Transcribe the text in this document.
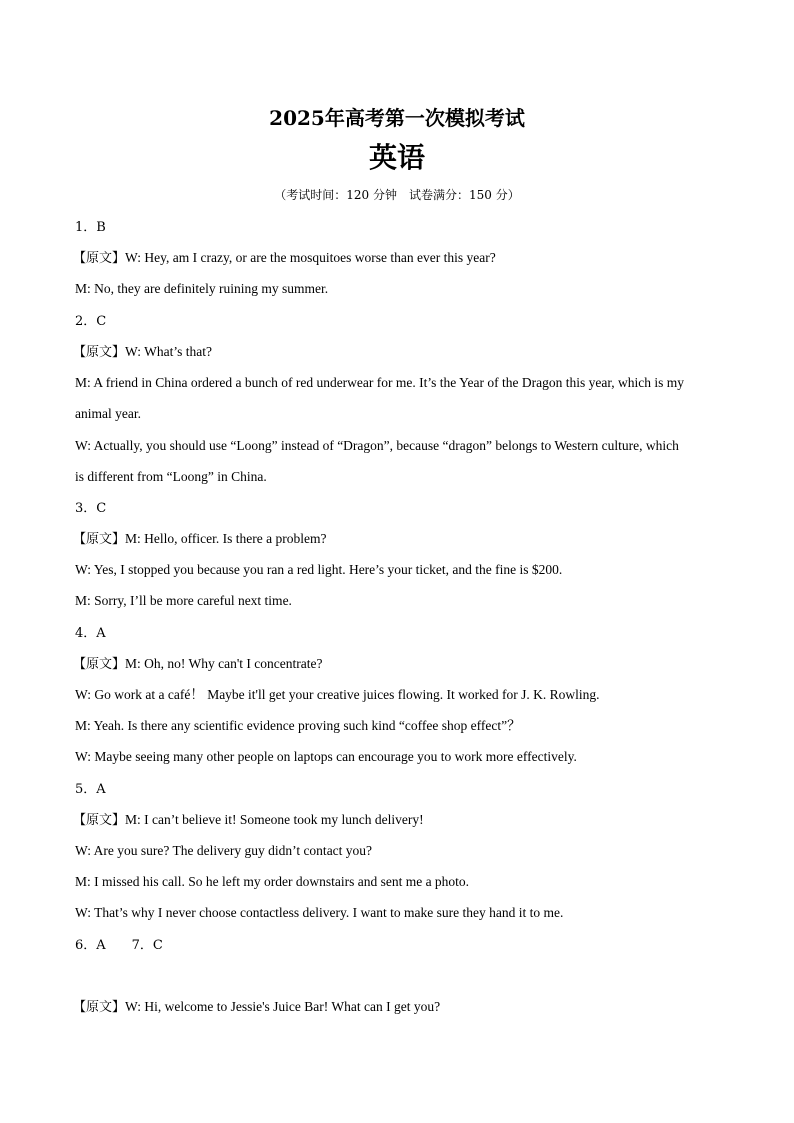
2025年高考第一次模拟考试
英语
（考试时间：120 分钟　试卷满分：150 分）
1．B
【原文】W: Hey, am I crazy, or are the mosquitoes worse than ever this year?
M: No, they are definitely ruining my summer.
2．C
【原文】W: What’s that?
M: A friend in China ordered a bunch of red underwear for me. It’s the Year of the Dragon this year, which is my
animal year.
W: Actually, you should use “Loong” instead of “Dragon”, because “dragon” belongs to Western culture, which
is different from “Loong” in China.
3．C
【原文】M: Hello, officer. Is there a problem?
W: Yes, I stopped you because you ran a red light. Here’s your ticket, and the fine is $200.
M: Sorry, I’ll be more careful next time.
4．A
【原文】M: Oh, no! Why can't I concentrate?
W: Go work at a café！ Maybe it'll get your creative juices flowing. It worked for J. K. Rowling.
M: Yeah. Is there any scientific evidence proving such kind “coffee shop effect”？
W: Maybe seeing many other people on laptops can encourage you to work more effectively.
5．A
【原文】M: I can’t believe it! Someone took my lunch delivery!
W: Are you sure? The delivery guy didn’t contact you?
M: I missed his call. So he left my order downstairs and sent me a photo.
W: That’s why I never choose contactless delivery. I want to make sure they hand it to me.
6．A　　7．C
【原文】W: Hi, welcome to Jessie's Juice Bar! What can I get you?
